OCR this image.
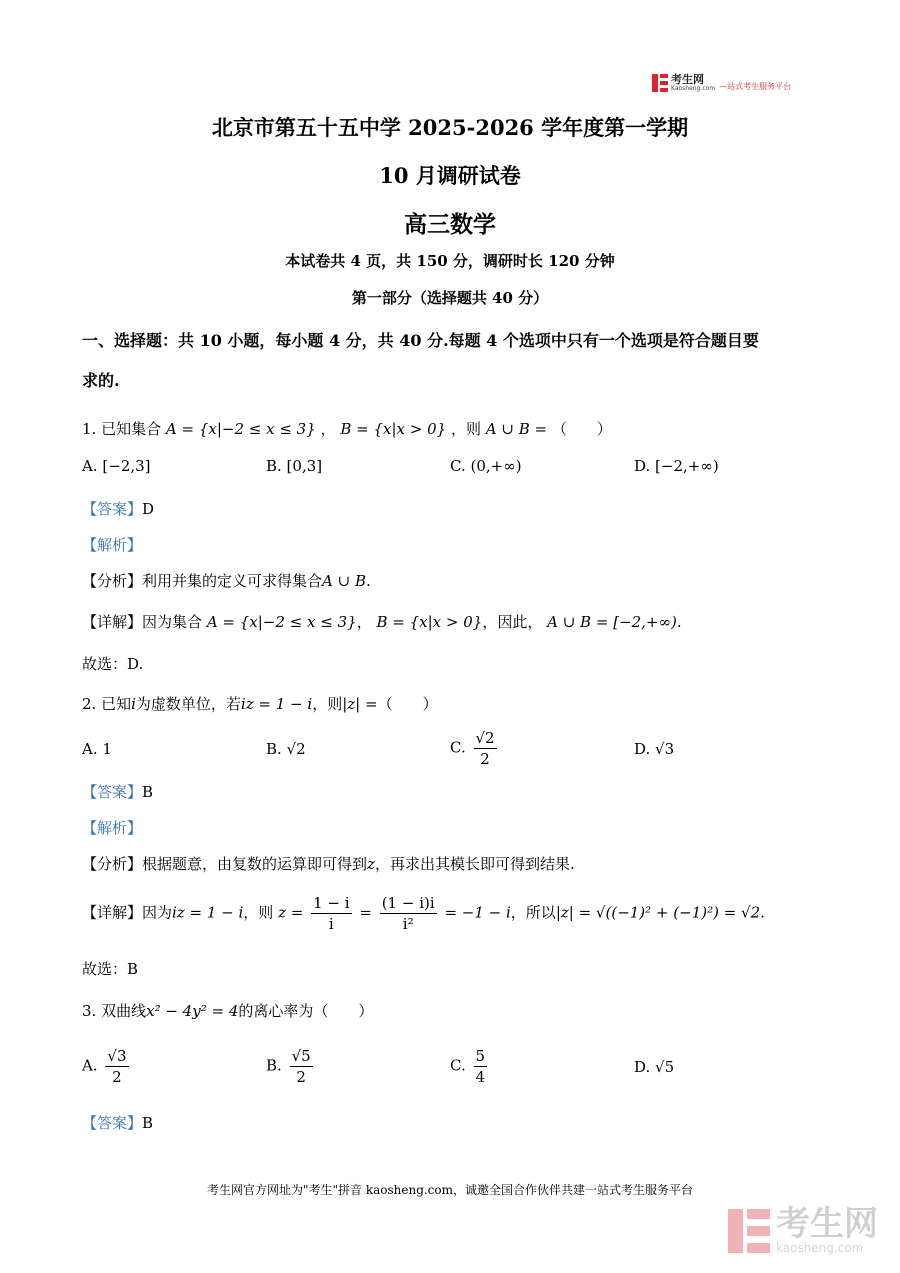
考生网
Kaosheng.com —站式考生服务平台
北京市第五十五中学 2025-2026 学年度第一学期
10 月调研试卷
高三数学
本试卷共 4 页，共 150 分，调研时长 120 分钟
第一部分（选择题共 40 分）
一、选择题：共 10 小题，每小题 4 分，共 40 分.每题 4 个选项中只有一个选项是符合题目要
求的.
1. 已知集合 A = {x|−2 ≤ x ≤ 3} ， B = {x|x > 0} ，则 A ∪ B = （　　）
A. [−2,3]	B. [0,3]	C. (0,+∞)	D. [−2,+∞)
【答案】D
【解析】
【分析】利用并集的定义可求得集合A ∪ B.
【详解】因为集合 A = {x|−2 ≤ x ≤ 3}， B = {x|x > 0}，因此， A ∪ B = [−2,+∞).
故选：D.
2. 已知i为虚数单位，若iz = 1 − i，则|z| =（　　）
A. 1	B. √2	C. $\frac{√2}{2}$	D. √3
【答案】B
【解析】
【分析】根据题意，由复数的运算即可得到z，再求出其模长即可得到结果.
【详解】因为iz = 1 − i，则 $z = \frac{1 - i}{i} = \frac{(1 - i)i}{\text{i²}} = -1 - i$，所以|z| = √((−1)² + (−1)²) = √2.
故选：B
3. 双曲线x² − 4y² = 4的离心率为（　　）
A. $\frac{√3}{2}$	B. $\frac{√5}{2}$	C. $\frac{5}{4}$	D. √5
【答案】B
考生网官方网址为"考生"拼音 kaosheng.com，诚邀全国合作伙伴共建一站式考生服务平台
考生网
kaosheng.com
